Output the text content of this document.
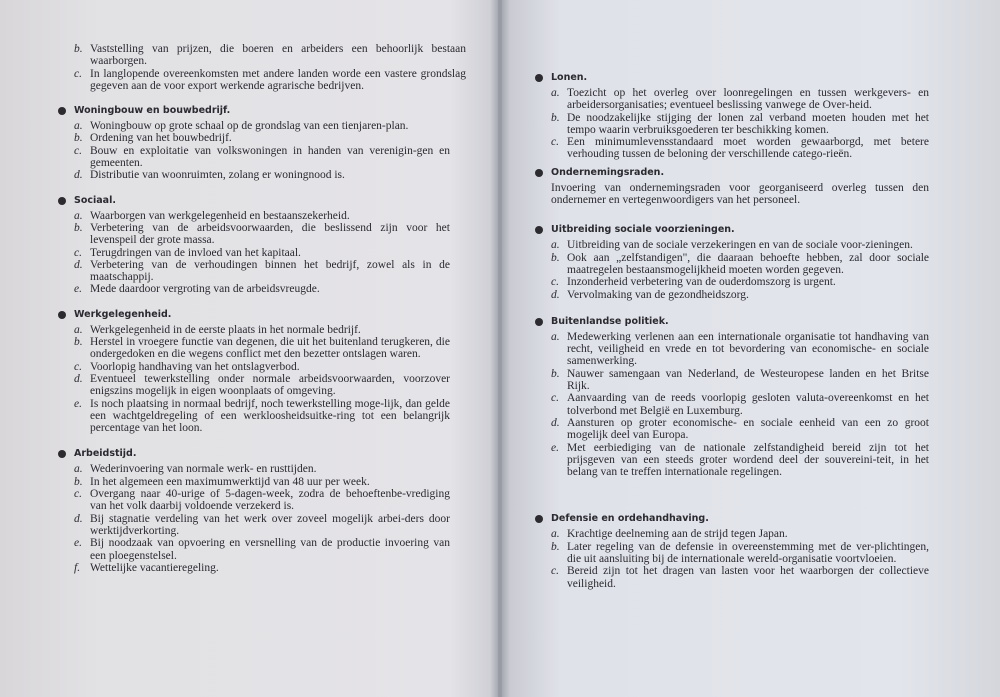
b. Vaststelling van prijzen, die boeren en arbeiders een behoorlijk bestaan waarborgen.
c. In langlopende overeenkomsten met andere landen worde een vastere grondslag gegeven aan de voor export werkende agrarische bedrijven.
Woningbouw en bouwbedrijf.
a. Woningbouw op grote schaal op de grondslag van een tienjaren-plan.
b. Ordening van het bouwbedrijf.
c. Bouw en exploitatie van volkswoningen in handen van verenigin-gen en gemeenten.
d. Distributie van woonruimten, zolang er woningnood is.
Sociaal.
a. Waarborgen van werkgelegenheid en bestaanszekerheid.
b. Verbetering van de arbeidsvoorwaarden, die beslissend zijn voor het levenspeil der grote massa.
c. Terugdringen van de invloed van het kapitaal.
d. Verbetering van de verhoudingen binnen het bedrijf, zowel als in de maatschappij.
e. Mede daardoor vergroting van de arbeidsvreugde.
Werkgelegenheid.
a. Werkgelegenheid in de eerste plaats in het normale bedrijf.
b. Herstel in vroegere functie van degenen, die uit het buitenland terugkeren, die ondergedoken en die wegens conflict met den bezetter ontslagen waren.
c. Voorlopig handhaving van het ontslagverbod.
d. Eventueel tewerkstelling onder normale arbeidsvoorwaarden, voorzover enigszins mogelijk in eigen woonplaats of omgeving.
e. Is noch plaatsing in normaal bedrijf, noch tewerkstelling moge-lijk, dan gelde een wachtgeldregeling of een werkloosheidsuitke-ring tot een belangrijk percentage van het loon.
Arbeidstijd.
a. Wederinvoering van normale werk- en rusttijden.
b. In het algemeen een maximumwerktijd van 48 uur per week.
c. Overgang naar 40-urige of 5-dagen-week, zodra de behoeftenbe-vrediging van het volk daarbij voldoende verzekerd is.
d. Bij stagnatie verdeling van het werk over zoveel mogelijk arbei-ders door werktijdverkorting.
e. Bij noodzaak van opvoering en versnelling van de productie invoering van een ploegenstelsel.
f. Wettelijke vacantieregeling.
Lonen.
a. Toezicht op het overleg over loonregelingen en tussen werkgevers- en arbeidersorganisaties; eventueel beslissing vanwege de Over-heid.
b. De noodzakelijke stijging der lonen zal verband moeten houden met het tempo waarin verbruiksgoederen ter beschikking komen.
c. Een minimumlevensstandaard moet worden gewaarborgd, met betere verhouding tussen de beloning der verschillende catego-rieën.
Ondernemingsraden.
Invoering van ondernemingsraden voor georganiseerd overleg tussen den ondernemer en vertegenwoordigers van het personeel.
Uitbreiding sociale voorzieningen.
a. Uitbreiding van de sociale verzekeringen en van de sociale voor-zieningen.
b. Ook aan „zelfstandigen", die daaraan behoefte hebben, zal door sociale maatregelen bestaansmogelijkheid moeten worden gegeven.
c. Inzonderheid verbetering van de ouderdomszorg is urgent.
d. Vervolmaking van de gezondheidszorg.
Buitenlandse politiek.
a. Medewerking verlenen aan een internationale organisatie tot handhaving van recht, veiligheid en vrede en tot bevordering van economische- en sociale samenwerking.
b. Nauwer samengaan van Nederland, de Westeuropese landen en het Britse Rijk.
c. Aanvaarding van de reeds voorlopig gesloten valuta-overeenkomst en het tolverbond met België en Luxemburg.
d. Aansturen op groter economische- en sociale eenheid van een zo groot mogelijk deel van Europa.
e. Met eerbiediging van de nationale zelfstandigheid bereid zijn tot het prijsgeven van een steeds groter wordend deel der souvereini-teit, in het belang van te treffen internationale regelingen.
Defensie en ordehandhaving.
a. Krachtige deelneming aan de strijd tegen Japan.
b. Later regeling van de defensie in overeenstemming met de ver-plichtingen, die uit aansluiting bij de internationale wereld-organisatie voortvloeien.
c. Bereid zijn tot het dragen van lasten voor het waarborgen der collectieve veiligheid.
